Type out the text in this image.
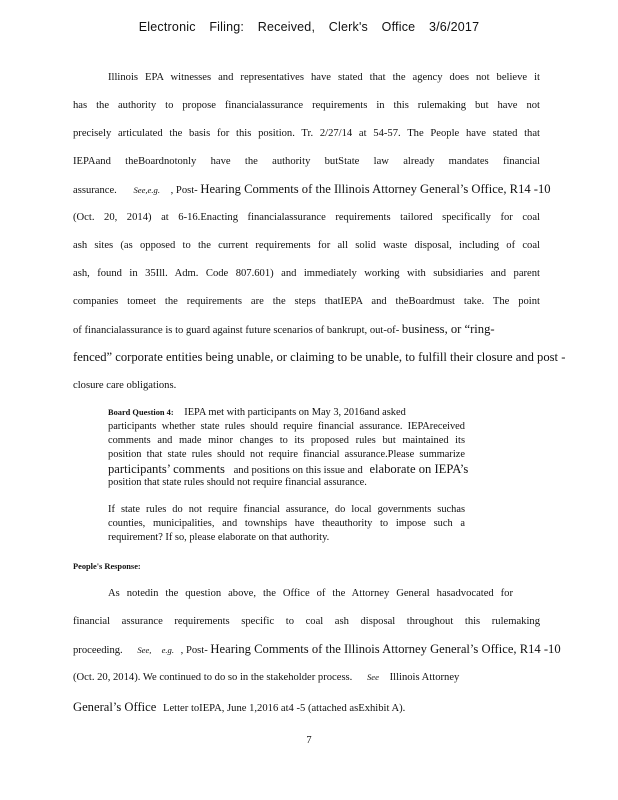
Electronic Filing: Received, Clerk's Office 3/6/2017
Illinois EPA witnesses and representatives have stated that the agency does not believe it
has the authority to propose financialassurance requirements in this rulemaking but have not
precisely articulated the basis for this position. Tr. 2/27/14 at 54-57. The People have stated that
IEPAand theBoardnotonly have the authority butState law already mandates financial
assurance. See,e.g. , Post- Hearing Comments of the Illinois Attorney General’s Office, R14 -10
(Oct. 20, 2014) at 6-16.Enacting financialassurance requirements tailored specifically for coal
ash sites (as opposed to the current requirements for all solid waste disposal, including of coal
ash, found in 35Ill. Adm. Code 807.601) and immediately working with subsidiaries and parent
companies tomeet the requirements are the steps thatIEPA and theBoardmust take. The point
of financialassurance is to guard against future scenarios of bankrupt, out-of- business, or “ring-
fenced” corporate entities being unable, or claiming to be unable, to fulfill their closure and post -
closure care obligations.
Board Question 4: IEPA met with participants on May 3, 2016and asked
participants whether state rules should require financial assurance. IEPAreceived
comments and made minor changes to its proposed rules but maintained its
position that state rules should not require financial assurance.Please summarize
participants’ comments and positions on this issue and elaborate on IEPA’s
position that state rules should not require financial assurance.
If state rules do not require financial assurance, do local governments suchas
counties, municipalities, and townships have theauthority to impose such a
requirement? If so, please elaborate on that authority.
People's Response:
As notedin the question above, the Office of the Attorney General hasadvocated for
financial assurance requirements specific to coal ash disposal throughout this rulemaking
proceeding. See, e.g. , Post- Hearing Comments of the Illinois Attorney General’s Office, R14 -10
(Oct. 20, 2014). We continued to do so in the stakeholder process. See Illinois Attorney
General’s Office Letter toIEPA, June 1,2016 at4 -5 (attached asExhibit A).
7
